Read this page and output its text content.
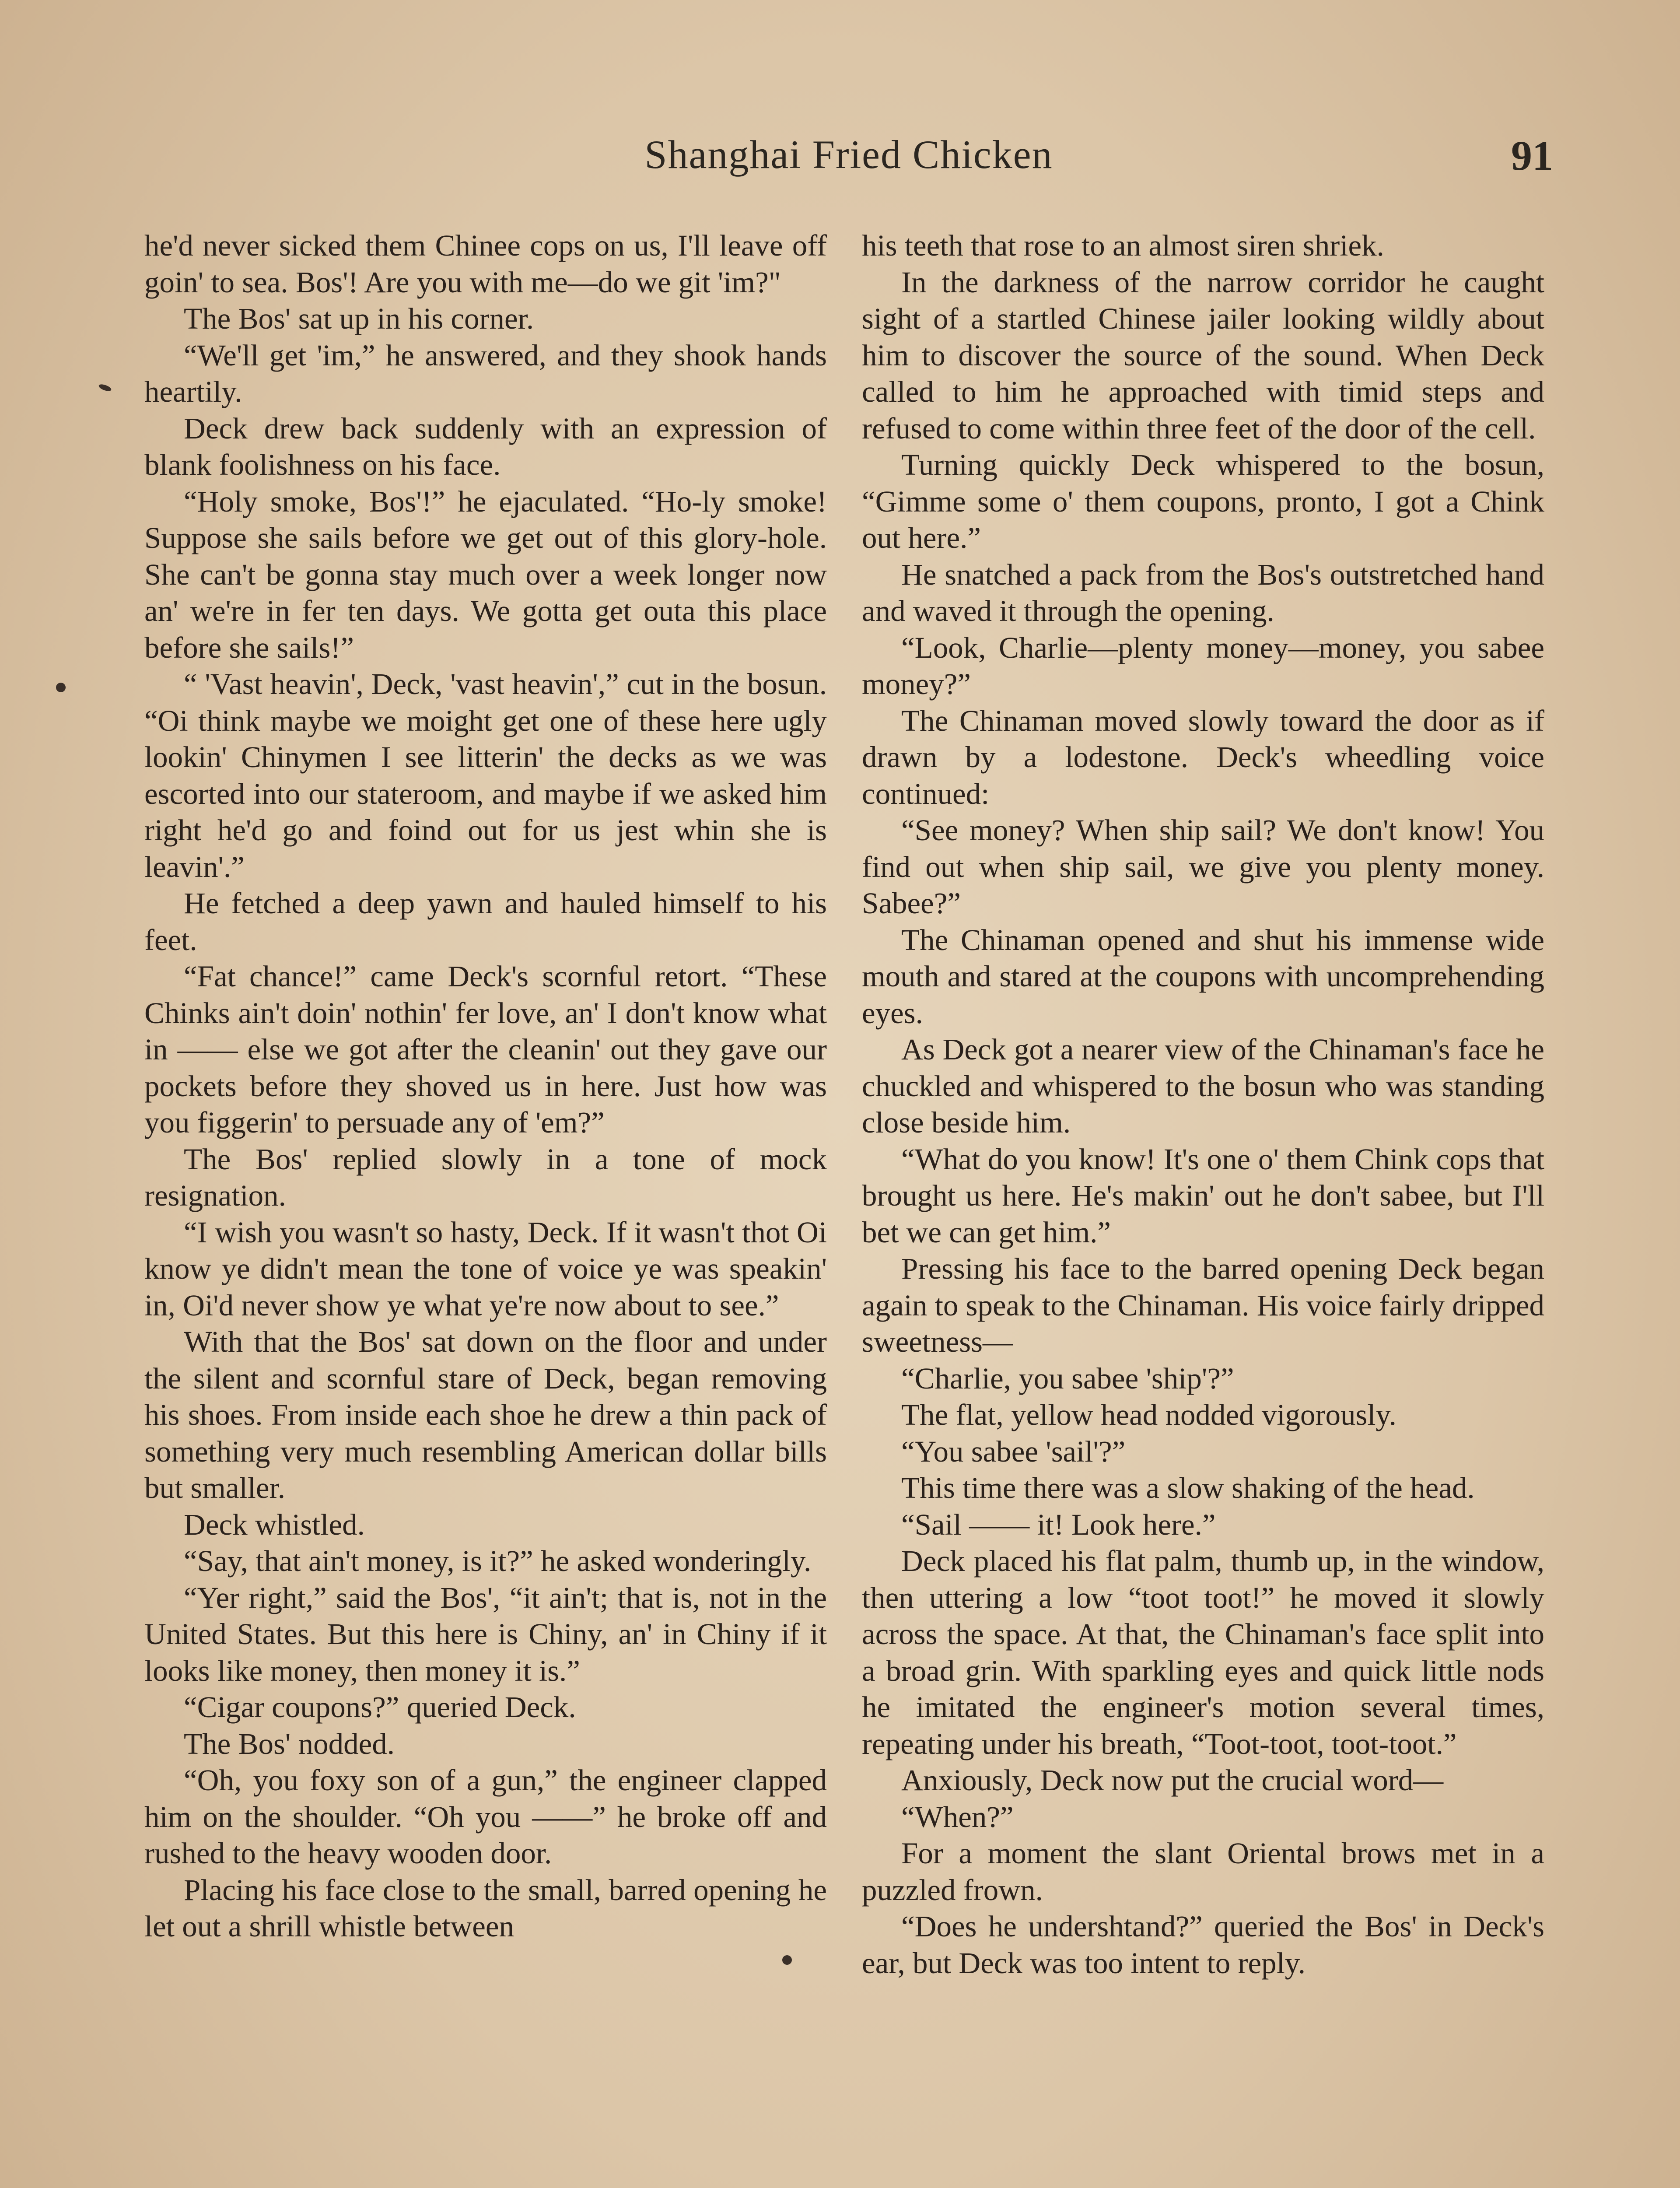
Shanghai Fried Chicken	91

he'd never sicked them Chinee cops on us, I'll leave off goin' to sea. Bos'! Are you with me—do we git 'im?"

The Bos' sat up in his corner.

“We'll get 'im,” he answered, and they shook hands heartily.

Deck drew back suddenly with an expression of blank foolishness on his face.

“Holy smoke, Bos'!” he ejaculated. “Ho-ly smoke! Suppose she sails before we get out of this glory-hole. She can't be gonna stay much over a week longer now an' we're in fer ten days. We gotta get outa this place before she sails!”

“ 'Vast heavin', Deck, 'vast heavin',” cut in the bosun. “Oi think maybe we moight get one of these here ugly lookin' Chinymen I see litterin' the decks as we was escorted into our stateroom, and maybe if we asked him right he'd go and foind out for us jest whin she is leavin'.”

He fetched a deep yawn and hauled himself to his feet.

“Fat chance!” came Deck's scornful retort. “These Chinks ain't doin' nothin' fer love, an' I don't know what in —— else we got after the cleanin' out they gave our pockets before they shoved us in here. Just how was you figgerin' to persuade any of 'em?”

The Bos' replied slowly in a tone of mock resignation.

“I wish you wasn't so hasty, Deck. If it wasn't thot Oi know ye didn't mean the tone of voice ye was speakin' in, Oi'd never show ye what ye're now about to see.”

With that the Bos' sat down on the floor and under the silent and scornful stare of Deck, began removing his shoes. From inside each shoe he drew a thin pack of something very much resembling American dollar bills but smaller.

Deck whistled.

“Say, that ain't money, is it?” he asked wonderingly.

“Yer right,” said the Bos', “it ain't; that is, not in the United States. But this here is Chiny, an' in Chiny if it looks like money, then money it is.”

“Cigar coupons?” queried Deck.

The Bos' nodded.

“Oh, you foxy son of a gun,” the engineer clapped him on the shoulder. “Oh you ——” he broke off and rushed to the heavy wooden door.

Placing his face close to the small, barred opening he let out a shrill whistle between

his teeth that rose to an almost siren shriek.

In the darkness of the narrow corridor he caught sight of a startled Chinese jailer looking wildly about him to discover the source of the sound. When Deck called to him he approached with timid steps and refused to come within three feet of the door of the cell.

Turning quickly Deck whispered to the bosun, “Gimme some o' them coupons, pronto, I got a Chink out here.”

He snatched a pack from the Bos's outstretched hand and waved it through the opening.

“Look, Charlie—plenty money—money, you sabee money?”

The Chinaman moved slowly toward the door as if drawn by a lodestone. Deck's wheedling voice continued:

“See money? When ship sail? We don't know! You find out when ship sail, we give you plenty money. Sabee?”

The Chinaman opened and shut his immense wide mouth and stared at the coupons with uncomprehending eyes.

As Deck got a nearer view of the Chinaman's face he chuckled and whispered to the bosun who was standing close beside him.

“What do you know! It's one o' them Chink cops that brought us here. He's makin' out he don't sabee, but I'll bet we can get him.”

Pressing his face to the barred opening Deck began again to speak to the Chinaman. His voice fairly dripped sweetness—

“Charlie, you sabee 'ship'?”

The flat, yellow head nodded vigorously.

“You sabee 'sail'?”

This time there was a slow shaking of the head.

“Sail —— it! Look here.”

Deck placed his flat palm, thumb up, in the window, then uttering a low “toot toot!” he moved it slowly across the space. At that, the Chinaman's face split into a broad grin. With sparkling eyes and quick little nods he imitated the engineer's motion several times, repeating under his breath, “Toot-toot, toot-toot.”

Anxiously, Deck now put the crucial word—

“When?”

For a moment the slant Oriental brows met in a puzzled frown.

“Does he undershtand?” queried the Bos' in Deck's ear, but Deck was too intent to reply.
